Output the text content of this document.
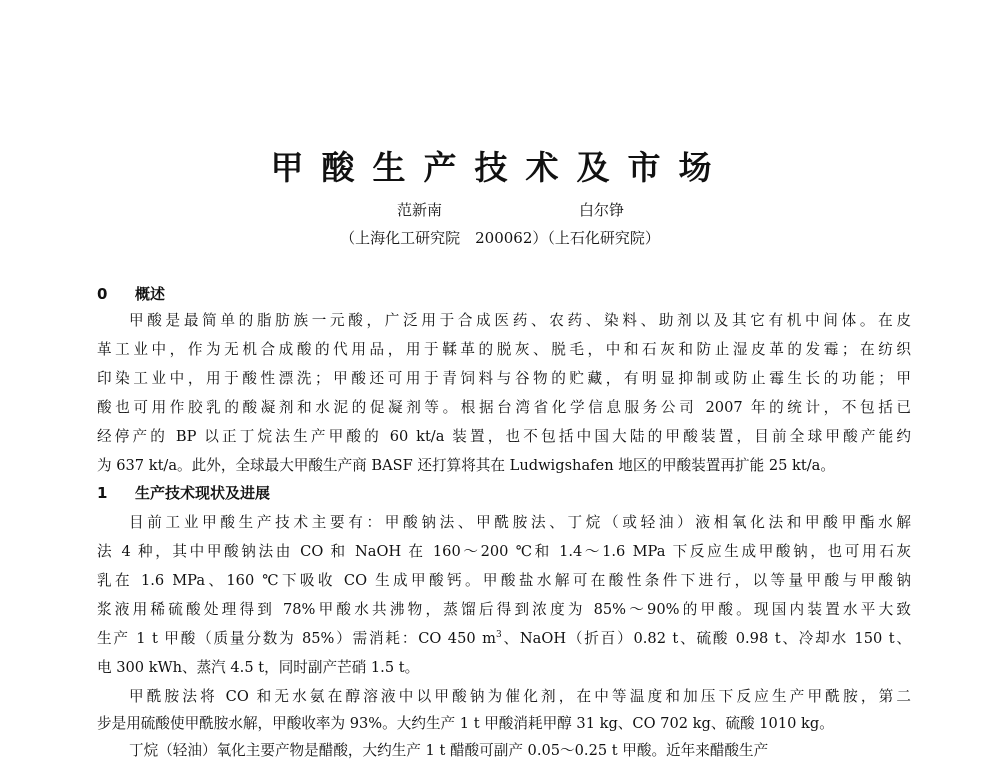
甲酸生产技术及市场
范新南	白尔铮
（上海化工研究院　200062）（上石化研究院）
0 概述
甲酸是最简单的脂肪族一元酸，广泛用于合成医药、农药、染料、助剂以及其它有机中间体。在皮
革工业中，作为无机合成酸的代用品，用于鞣革的脱灰、脱毛，中和石灰和防止湿皮革的发霉；在纺织
印染工业中，用于酸性漂洗；甲酸还可用于青饲料与谷物的贮藏，有明显抑制或防止霉生长的功能；甲
酸也可用作胶乳的酸凝剂和水泥的促凝剂等。根据台湾省化学信息服务公司 2007 年的统计，不包括已
经停产的 BP 以正丁烷法生产甲酸的 60 kt/a 装置，也不包括中国大陆的甲酸装置，目前全球甲酸产能约
为 637 kt/a。此外，全球最大甲酸生产商 BASF 还打算将其在 Ludwigshafen 地区的甲酸装置再扩能 25 kt/a。
1 生产技术现状及进展
目前工业甲酸生产技术主要有：甲酸钠法、甲酰胺法、丁烷（或轻油）液相氧化法和甲酸甲酯水解
法 4 种，其中甲酸钠法由 CO 和 NaOH 在 160～200 ℃和 1.4～1.6 MPa 下反应生成甲酸钠，也可用石灰
乳在 1.6 MPa、160 ℃下吸收 CO 生成甲酸钙。甲酸盐水解可在酸性条件下进行，以等量甲酸与甲酸钠
浆液用稀硫酸处理得到 78%甲酸水共沸物，蒸馏后得到浓度为 85%～90%的甲酸。现国内装置水平大致
生产 1 t 甲酸（质量分数为 85%）需消耗：CO 450 $m^3$、NaOH（折百）0.82 t、硫酸 0.98 t、冷却水 150 t、
电 300 kWh、蒸汽 4.5 t，同时副产芒硝 1.5 t。
甲酰胺法将 CO 和无水氨在醇溶液中以甲酸钠为催化剂，在中等温度和加压下反应生产甲酰胺，第二
步是用硫酸使甲酰胺水解，甲酸收率为 93%。大约生产 1 t 甲酸消耗甲醇 31 kg、CO 702 kg、硫酸 1010 kg。
丁烷（轻油）氧化主要产物是醋酸，大约生产 1 t 醋酸可副产 0.05～0.25 t 甲酸。近年来醋酸生产
